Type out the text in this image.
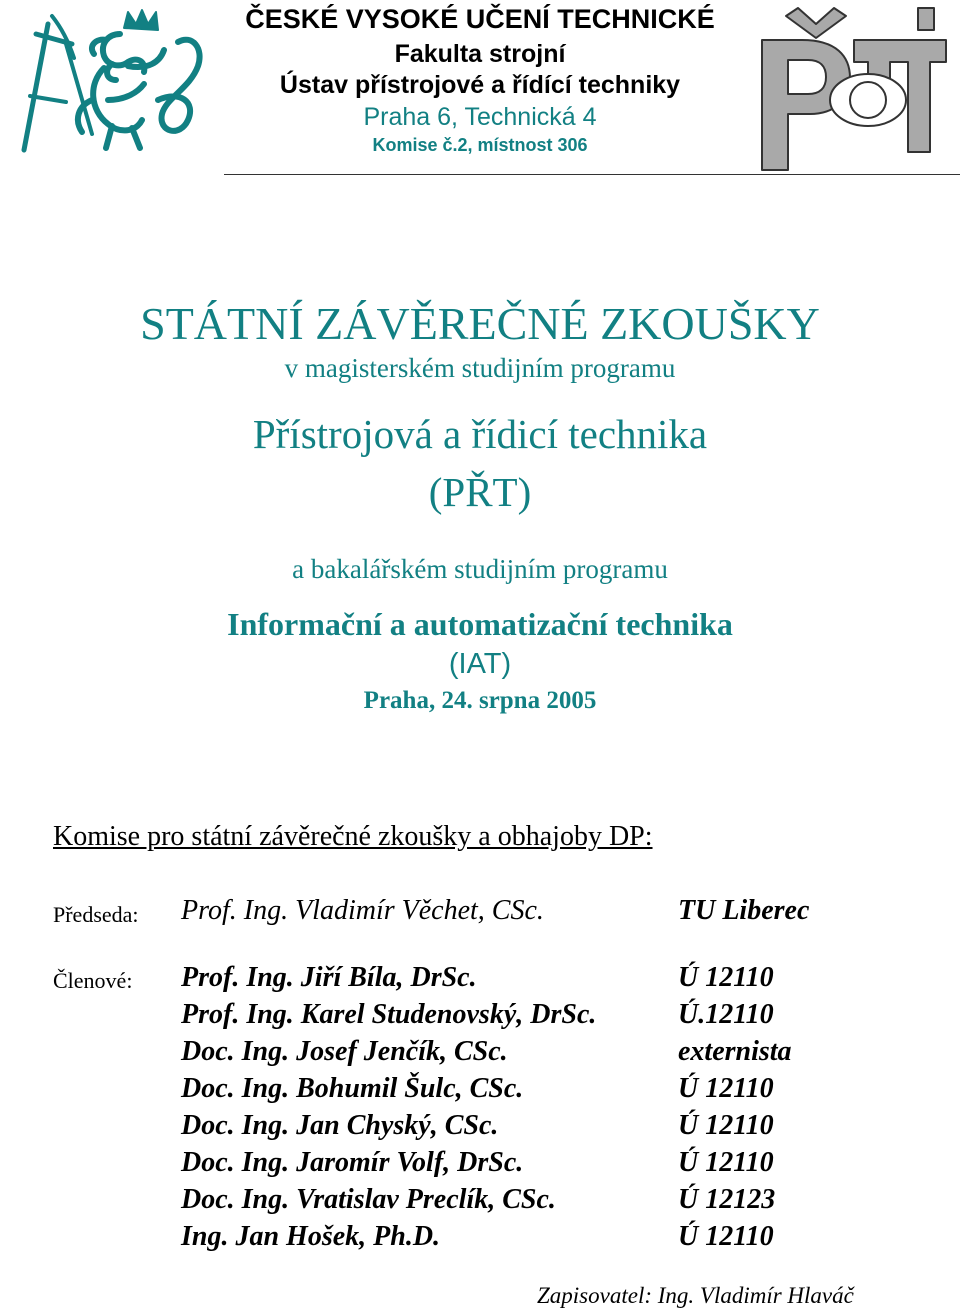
ČESKÉ VYSOKÉ UČENÍ TECHNICKÉ
Fakulta strojní
Ústav přístrojové a řídící techniky
Praha 6, Technická 4
Komise č.2, místnost 306
STÁTNÍ ZÁVĚREČNÉ ZKOUŠKY
v magisterském studijním programu
Přístrojová a řídicí technika
(PŘT)
a bakalářském studijním programu
Informační a automatizační technika
(IAT)
Praha, 24. srpna 2005
Komise pro státní závěrečné zkoušky a obhajoby DP:
Předseda: Prof. Ing. Vladimír Věchet, CSc.	TU Liberec
Členové: Prof. Ing. Jiří Bíla, DrSc.	Ú 12110
Prof. Ing. Karel Studenovský, DrSc.	Ú.12110
Doc. Ing. Josef Jenčík, CSc.	externista
Doc. Ing. Bohumil Šulc, CSc.	Ú 12110
Doc. Ing. Jan Chyský, CSc.	Ú 12110
Doc. Ing. Jaromír Volf, DrSc.	Ú 12110
Doc. Ing. Vratislav Preclík, CSc.	Ú 12123
Ing. Jan Hošek, Ph.D.	Ú 12110
Zapisovatel: Ing. Vladimír Hlaváč
